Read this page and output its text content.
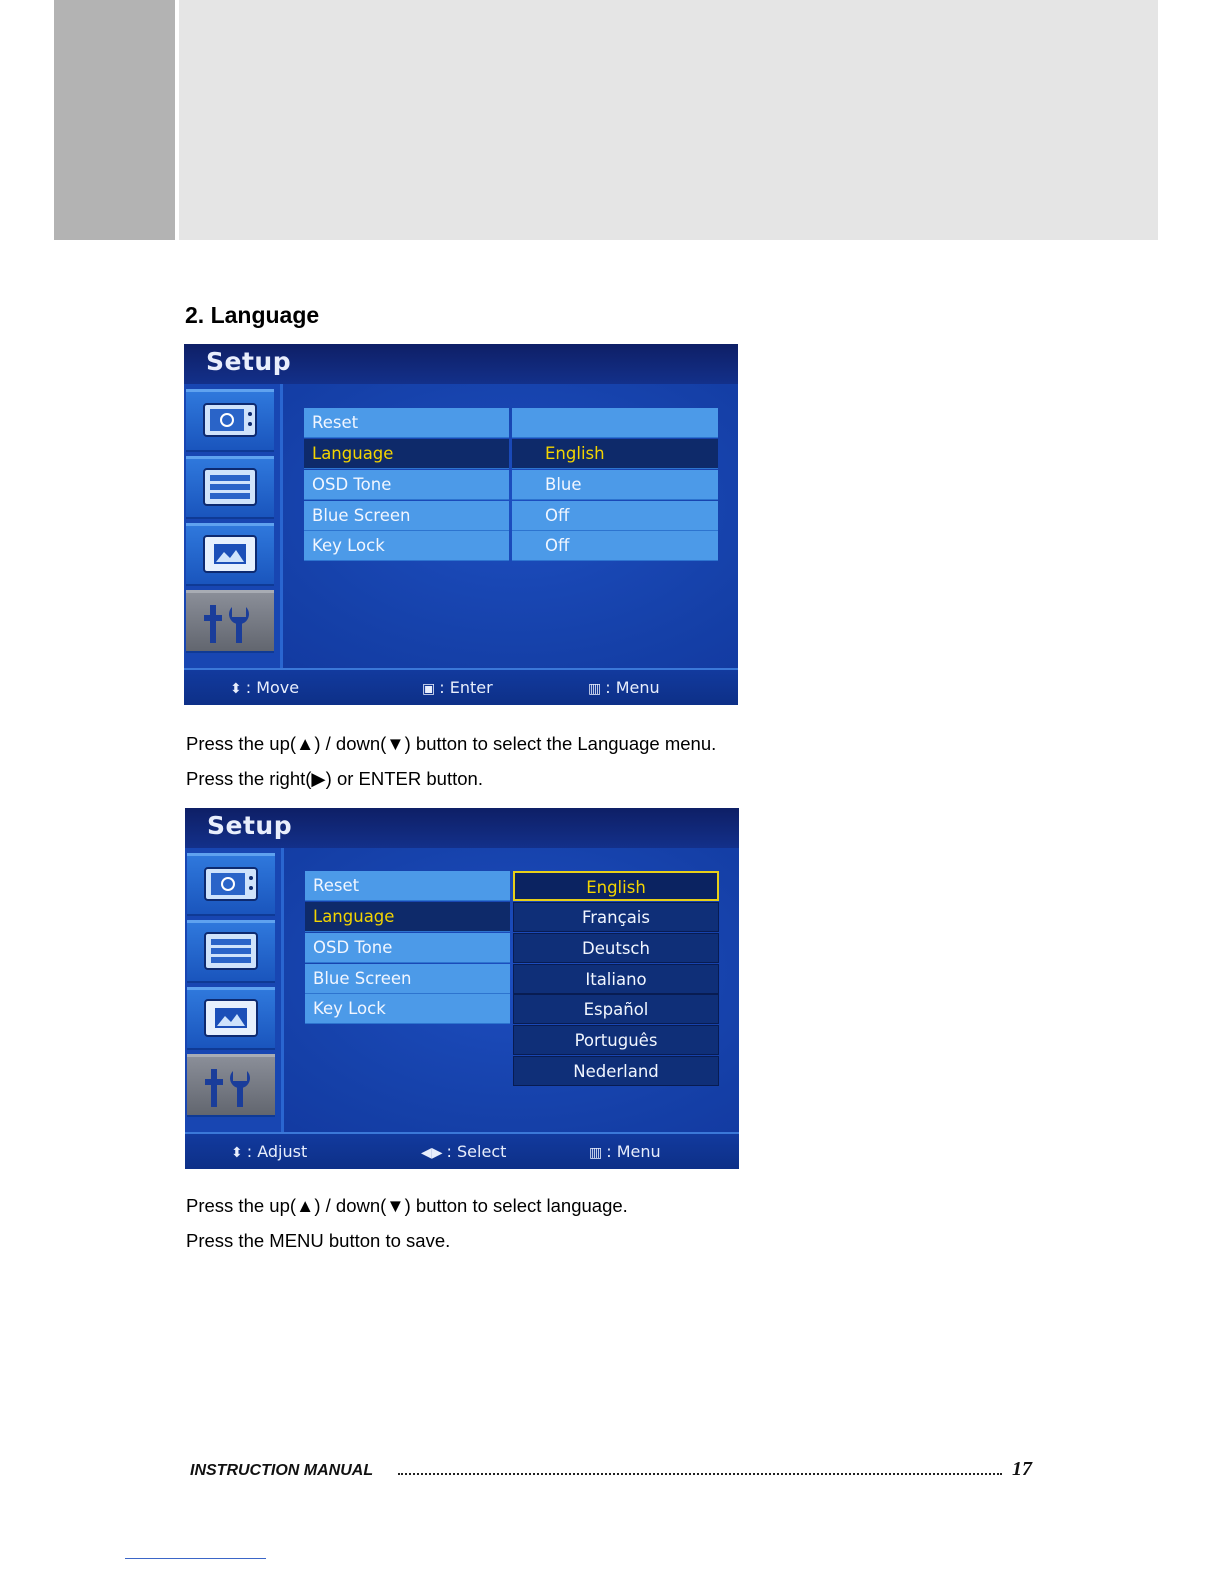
2. Language
Setup
Reset
Language	English
OSD Tone	Blue
Blue Screen	Off
Key Lock	Off
⬍ : Move	▣ : Enter	▥ : Menu

Press the up(▲) / down(▼) button to select the Language menu.

Press the right(▶) or ENTER button.

Setup
Reset
Language
OSD Tone
Blue Screen
Key Lock
English
Français
Deutsch
Italiano
Español
Português
Nederland
⬍ : Adjust	◀▶ : Select	▥ : Menu

Press the up(▲) / down(▼) button to select language.

Press the MENU button to save.

INSTRUCTION MANUAL	17
